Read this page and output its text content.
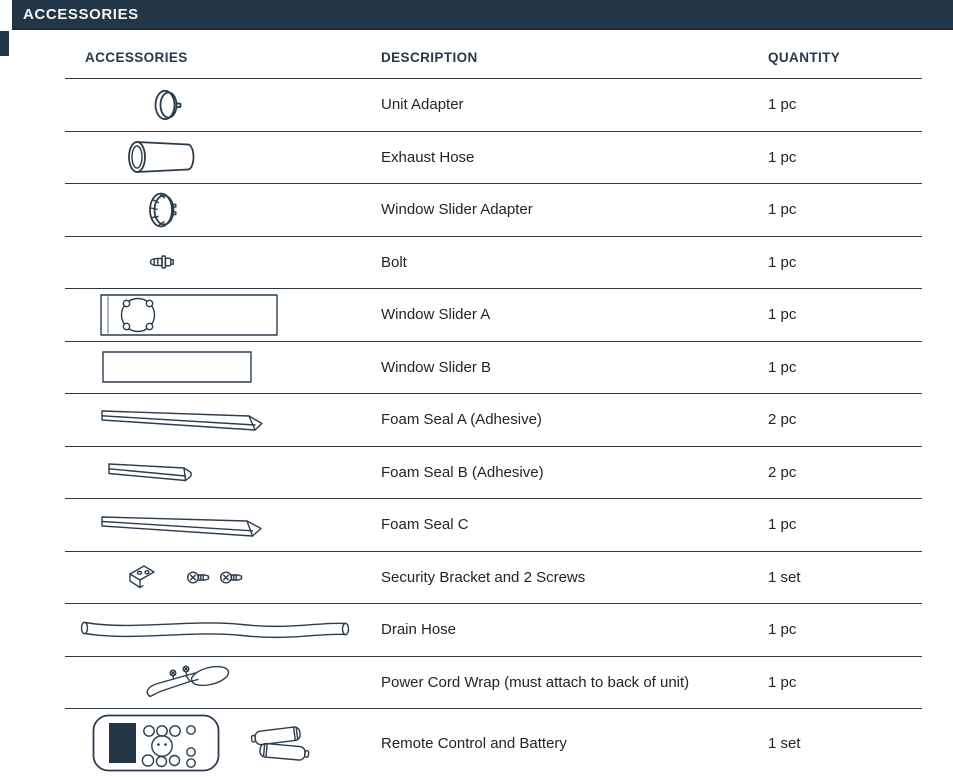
ACCESSORIES
ACCESSORIES	DESCRIPTION	QUANTITY
Unit Adapter	1 pc
Exhaust Hose	1 pc
Window Slider Adapter	1 pc
Bolt	1 pc
Window Slider A	1 pc
Window Slider B	1 pc
Foam Seal A (Adhesive)	2 pc
Foam Seal B (Adhesive)	2 pc
Foam Seal C	1 pc
Security Bracket and 2 Screws	1 set
Drain Hose	1 pc
Power Cord Wrap (must attach to back of unit)	1 pc
Remote Control and Battery	1 set
